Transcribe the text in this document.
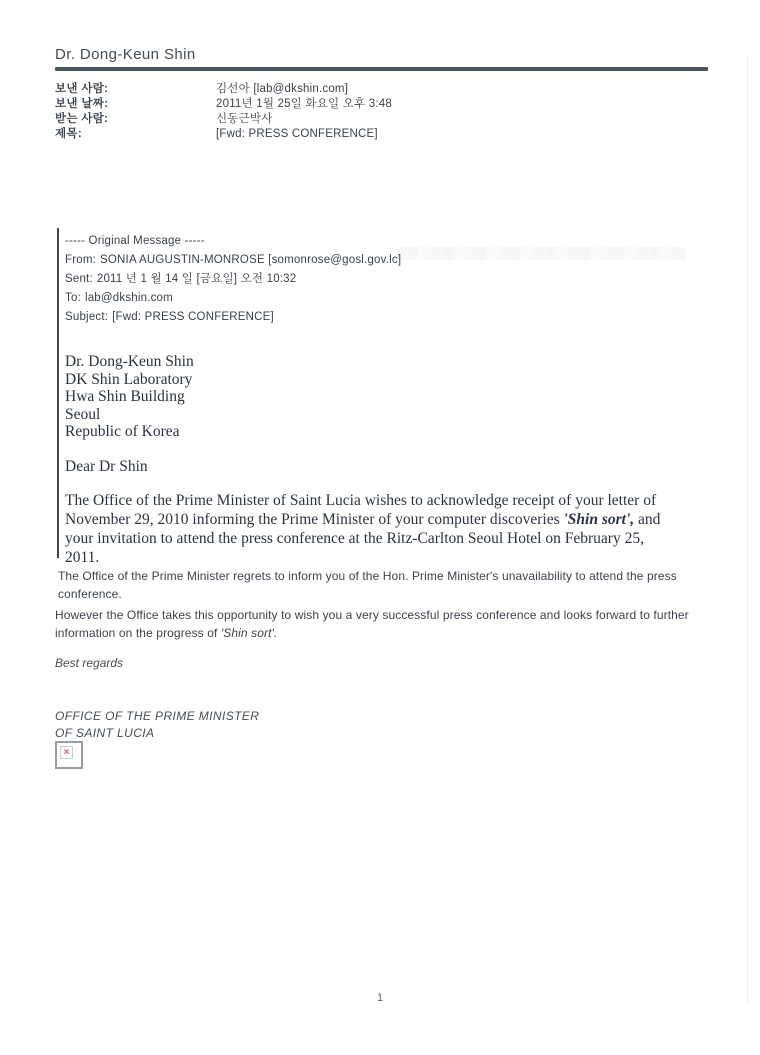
Dr. Dong-Keun Shin
보낸 사람:	김선아 [lab@dkshin.com]
보낸 날짜:	2011년 1월 25일 화요일 오후 3:48
받는 사람:	신동근박사
제목:	[Fwd: PRESS CONFERENCE]
----- Original Message -----
From: SONIA AUGUSTIN-MONROSE [somonrose@gosl.gov.lc]
Sent: 2011 년 1 월 14 일 [금요일] 오전 10:32
To: lab@dkshin.com
Subject: [Fwd: PRESS CONFERENCE]
Dr. Dong-Keun Shin
DK Shin Laboratory
Hwa Shin Building
Seoul
Republic of Korea
Dear Dr Shin
The Office of the Prime Minister of Saint Lucia wishes to acknowledge receipt of your letter of November 29, 2010 informing the Prime Minister of your computer discoveries 'Shin sort', and your invitation to attend the press conference at the Ritz-Carlton Seoul Hotel on February 25, 2011.
The Office of the Prime Minister regrets to inform you of the Hon. Prime Minister's unavailability to attend the press conference.
However the Office takes this opportunity to wish you a very successful press conference and looks forward to further information on the progress of 'Shin sort'.
Best regards
OFFICE OF THE PRIME MINISTER
OF SAINT LUCIA
×
1
